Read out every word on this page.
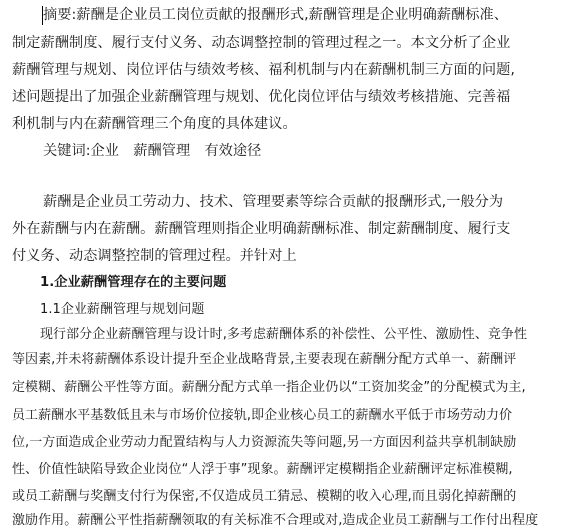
摘要:薪酬是企业员工岗位贡献的报酬形式,薪酬管理是企业明确薪酬标准、
制定薪酬制度、履行支付义务、动态调整控制的管理过程之一。本文分析了企业
薪酬管理与规划、岗位评估与绩效考核、福利机制与内在薪酬机制三方面的问题,
述问题提出了加强企业薪酬管理与规划、优化岗位评估与绩效考核措施、完善福
利机制与内在薪酬管理三个角度的具体建议。
关键词:企业　薪酬管理　有效途径
薪酬是企业员工劳动力、技术、管理要素等综合贡献的报酬形式,一般分为
外在薪酬与内在薪酬。薪酬管理则指企业明确薪酬标准、制定薪酬制度、履行支
付义务、动态调整控制的管理过程。并针对上
1.企业薪酬管理存在的主要问题
1.1企业薪酬管理与规划问题
现行部分企业薪酬管理与设计时,多考虑薪酬体系的补偿性、公平性、激励性、竞争性
等因素,并未将薪酬体系设计提升至企业战略背景,主要表现在薪酬分配方式单一、薪酬评
定模糊、薪酬公平性等方面。薪酬分配方式单一指企业仍以“工资加奖金”的分配模式为主,
员工薪酬水平基数低且未与市场价位接轨,即企业核心员工的薪酬水平低于市场劳动力价
位,一方面造成企业劳动力配置结构与人力资源流失等问题,另一方面因利益共享机制缺励
性、价值性缺陷导致企业岗位“人浮于事”现象。薪酬评定模糊指企业薪酬评定标准模糊,
或员工薪酬与奖酬支付行为保密,不仅造成员工猜忌、模糊的收入心理,而且弱化掉薪酬的
激励作用。薪酬公平性指薪酬领取的有关标准不合理或对,造成企业员工薪酬与工作付出程度
